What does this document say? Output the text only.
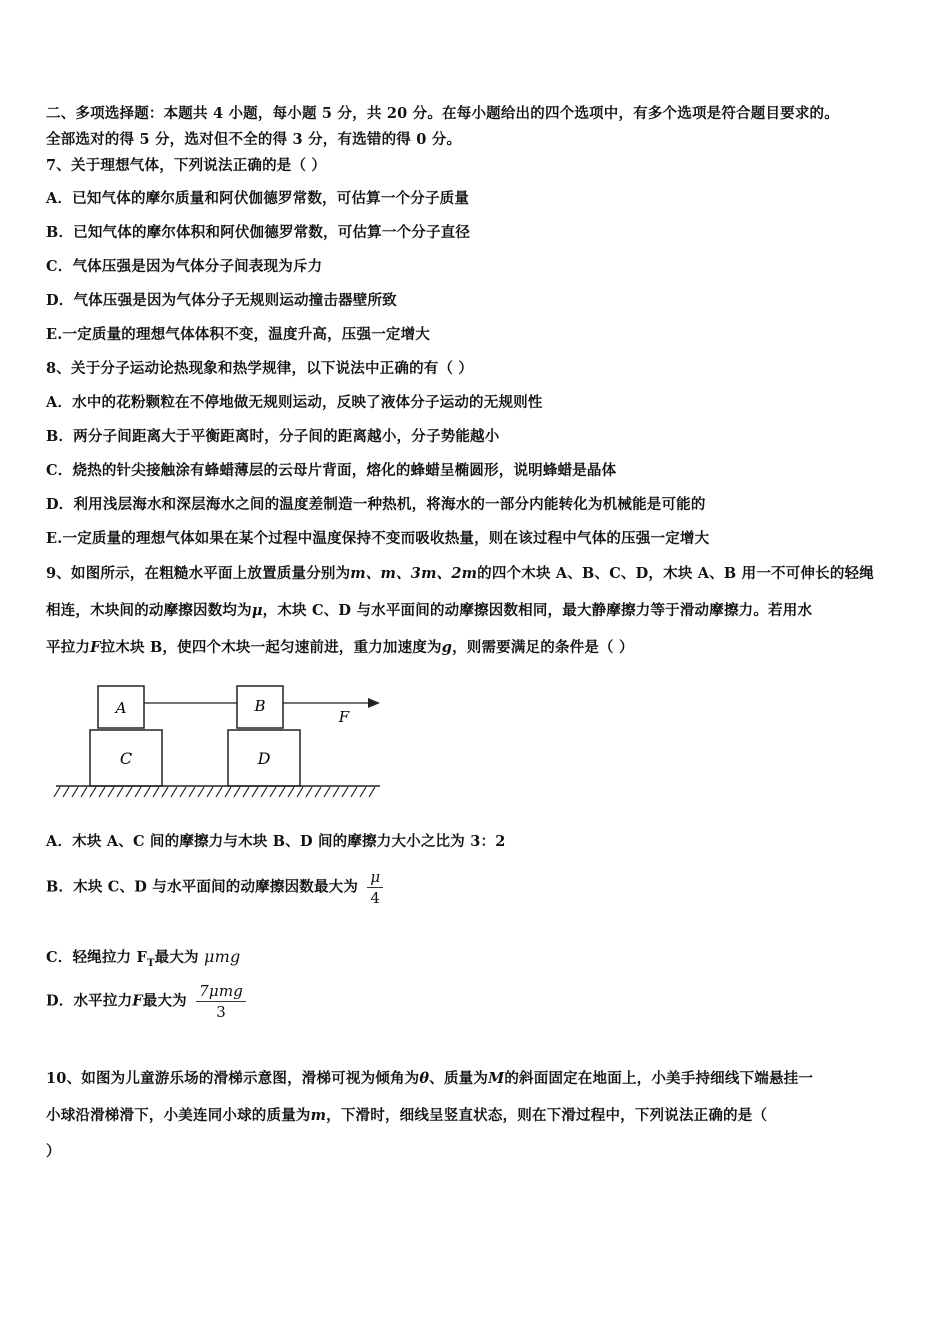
二、多项选择题：本题共 4 小题，每小题 5 分，共 20 分。在每小题给出的四个选项中，有多个选项是符合题目要求的。
全部选对的得 5 分，选对但不全的得 3 分，有选错的得 0 分。
7、关于理想气体，下列说法正确的是（ ）
A．已知气体的摩尔质量和阿伏伽德罗常数，可估算一个分子质量
B．已知气体的摩尔体积和阿伏伽德罗常数，可估算一个分子直径
C．气体压强是因为气体分子间表现为斥力
D．气体压强是因为气体分子无规则运动撞击器壁所致
E.一定质量的理想气体体积不变，温度升高，压强一定增大
8、关于分子运动论热现象和热学规律，以下说法中正确的有（ ）
A．水中的花粉颗粒在不停地做无规则运动，反映了液体分子运动的无规则性
B．两分子间距离大于平衡距离时，分子间的距离越小，分子势能越小
C．烧热的针尖接触涂有蜂蜡薄层的云母片背面，熔化的蜂蜡呈椭圆形，说明蜂蜡是晶体
D．利用浅层海水和深层海水之间的温度差制造一种热机，将海水的一部分内能转化为机械能是可能的
E.一定质量的理想气体如果在某个过程中温度保持不变而吸收热量，则在该过程中气体的压强一定增大
9、如图所示，在粗糙水平面上放置质量分别为m、m、3m、2m的四个木块 A、B、C、D，木块 A、B 用一不可伸长的轻绳
相连，木块间的动摩擦因数均为μ，木块 C、D 与水平面间的动摩擦因数相同，最大静摩擦力等于滑动摩擦力。若用水
平拉力F拉木块 B，使四个木块一起匀速前进，重力加速度为g，则需要满足的条件是（ ）
A
C
B
D
F
A．木块 A、C 间的摩擦力与木块 B、D 间的摩擦力大小之比为 3：2
B．木块 C、D 与水平面间的动摩擦因数最大为 $\frac{\mu}{4}$
C．轻绳拉力 $F_T$最大为 μmg
D．水平拉力F最大为 $\frac{\text{7μmg}}{3}$
10、如图为儿童游乐场的滑梯示意图，滑梯可视为倾角为θ、质量为M的斜面固定在地面上，小美手持细线下端悬挂一
小球沿滑梯滑下，小美连同小球的质量为m，下滑时，细线呈竖直状态，则在下滑过程中，下列说法正确的是（
）
